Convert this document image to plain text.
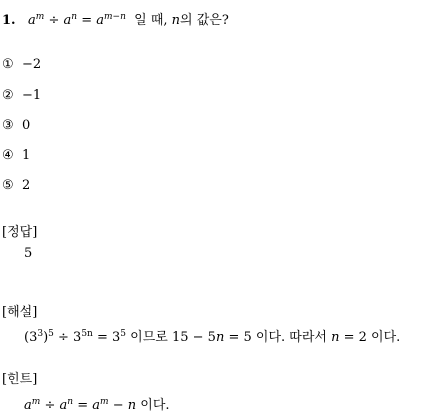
1. $a^m \div a^n = a^{m-n}$ 일 때, n의 값은?
① −2
② −1
③ 0
④ 1
⑤ 2
[정답]
5
[해설]
$(3^3)^5 \div 3^{5n} = 3^5$ 이므로 15 − 5n = 5 이다. 따라서 n = 2 이다.
[힌트]
$a^m \div a^n = a^m - n$ 이다.
